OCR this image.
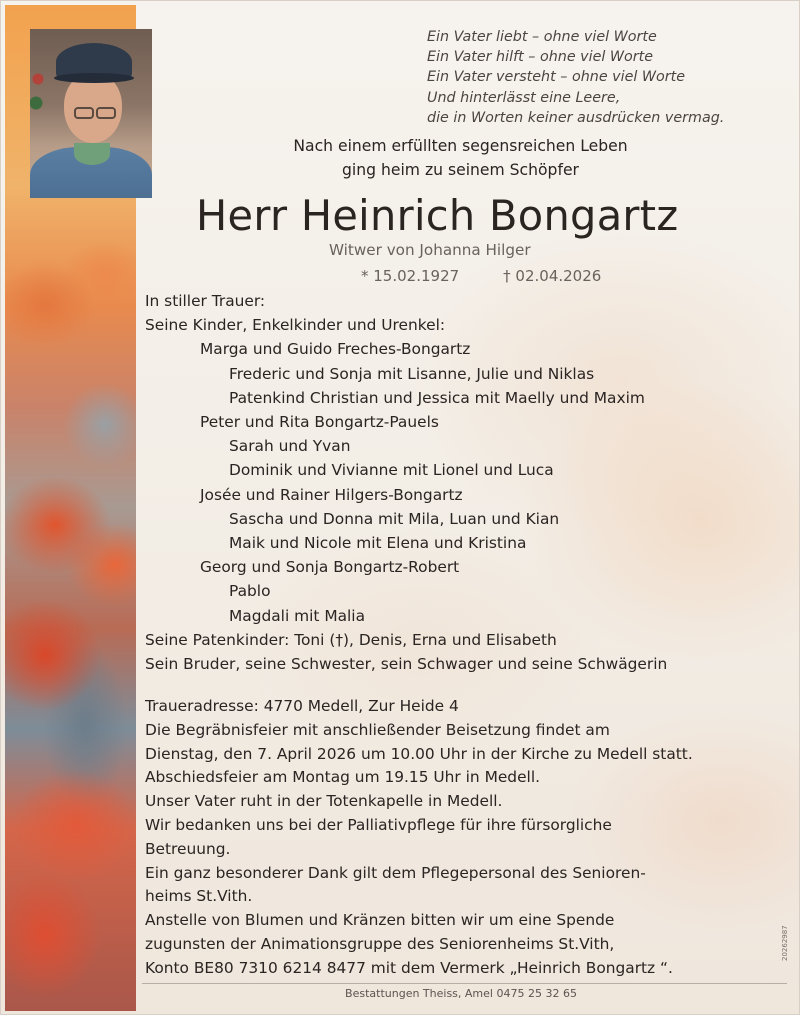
Ein Vater liebt – ohne viel Worte
Ein Vater hilft – ohne viel Worte
Ein Vater versteht – ohne viel Worte
Und hinterlässt eine Leere,
die in Worten keiner ausdrücken vermag.
Nach einem erfüllten segensreichen Leben
ging heim zu seinem Schöpfer
Herr Heinrich Bongartz
Witwer von Johanna Hilger
* 15.02.1927	† 02.04.2026
In stiller Trauer:
Seine Kinder, Enkelkinder und Urenkel:
Marga und Guido Freches-Bongartz
Frederic und Sonja mit Lisanne, Julie und Niklas
Patenkind Christian und Jessica mit Maelly und Maxim
Peter und Rita Bongartz-Pauels
Sarah und Yvan
Dominik und Vivianne mit Lionel und Luca
Josée und Rainer Hilgers-Bongartz
Sascha und Donna mit Mila, Luan und Kian
Maik und Nicole mit Elena und Kristina
Georg und Sonja Bongartz-Robert
Pablo
Magdali mit Malia
Seine Patenkinder: Toni (†), Denis, Erna und Elisabeth
Sein Bruder, seine Schwester, sein Schwager und seine Schwägerin
Traueradresse: 4770 Medell, Zur Heide 4
Die Begräbnisfeier mit anschließender Beisetzung findet am
Dienstag, den 7. April 2026 um 10.00 Uhr in der Kirche zu Medell statt.
Abschiedsfeier am Montag um 19.15 Uhr in Medell.
Unser Vater ruht in der Totenkapelle in Medell.
Wir bedanken uns bei der Palliativpflege für ihre fürsorgliche
Betreuung.
Ein ganz besonderer Dank gilt dem Pflegepersonal des Senioren-
heims St.Vith.
Anstelle von Blumen und Kränzen bitten wir um eine Spende
zugunsten der Animationsgruppe des Seniorenheims St.Vith,
Konto BE80 7310 6214 8477 mit dem Vermerk „Heinrich Bongartz “.
Bestattungen Theiss, Amel 0475 25 32 65
20262987
